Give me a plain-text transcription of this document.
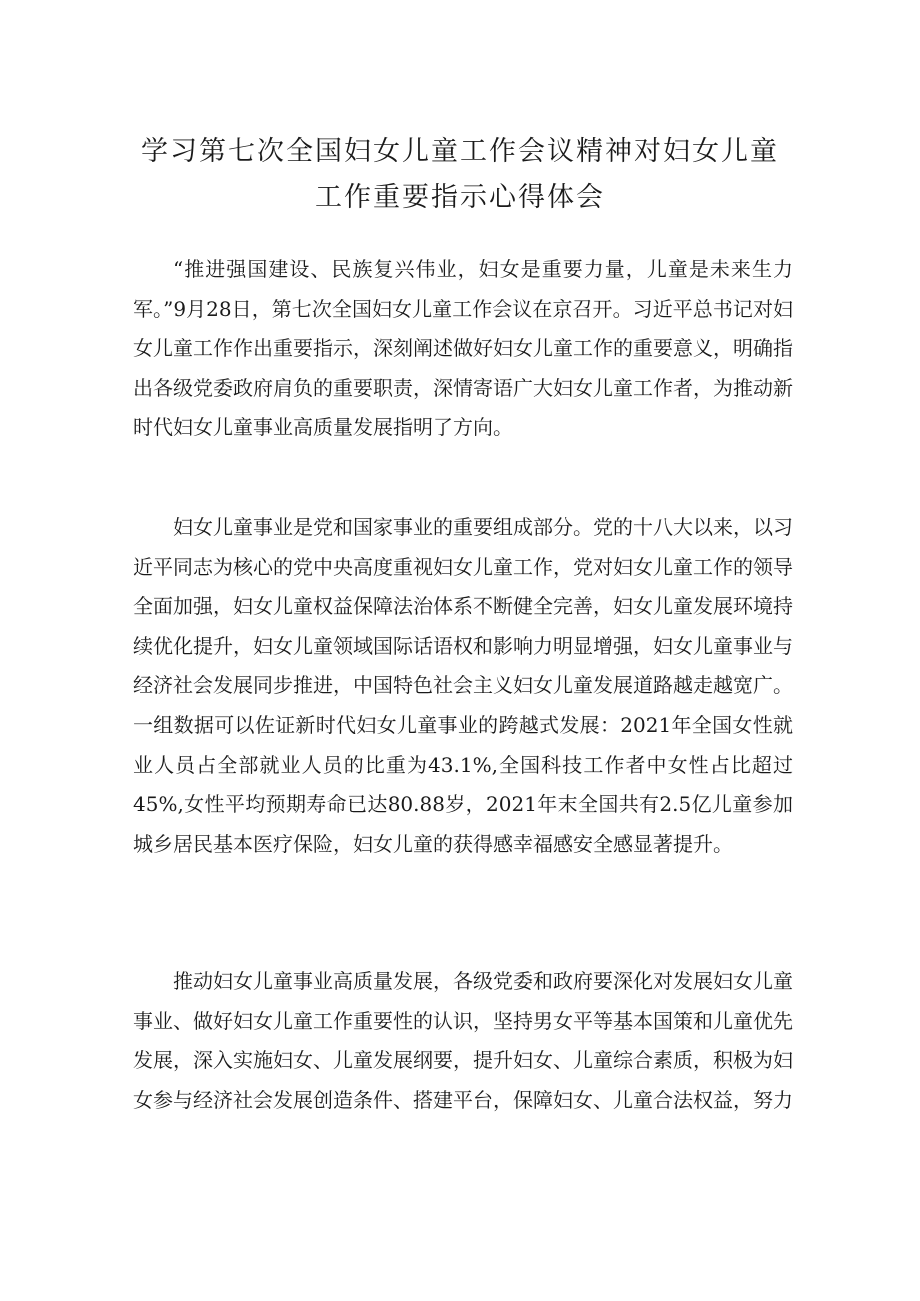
学习第七次全国妇女儿童工作会议精神对妇女儿童
工作重要指示心得体会

“推进强国建设、民族复兴伟业，妇女是重要力量，儿童是未来生力军。”9月28日，第七次全国妇女儿童工作会议在京召开。习近平总书记对妇女儿童工作作出重要指示，深刻阐述做好妇女儿童工作的重要意义，明确指出各级党委政府肩负的重要职责，深情寄语广大妇女儿童工作者，为推动新时代妇女儿童事业高质量发展指明了方向。

妇女儿童事业是党和国家事业的重要组成部分。党的十八大以来，以习近平同志为核心的党中央高度重视妇女儿童工作，党对妇女儿童工作的领导全面加强，妇女儿童权益保障法治体系不断健全完善，妇女儿童发展环境持续优化提升，妇女儿童领域国际话语权和影响力明显增强，妇女儿童事业与经济社会发展同步推进，中国特色社会主义妇女儿童发展道路越走越宽广。一组数据可以佐证新时代妇女儿童事业的跨越式发展：2021年全国女性就业人员占全部就业人员的比重为43.1%,全国科技工作者中女性占比超过45%,女性平均预期寿命已达80.88岁，2021年末全国共有2.5亿儿童参加城乡居民基本医疗保险，妇女儿童的获得感幸福感安全感显著提升。

推动妇女儿童事业高质量发展，各级党委和政府要深化对发展妇女儿童事业、做好妇女儿童工作重要性的认识，坚持男女平等基本国策和儿童优先发展，深入实施妇女、儿童发展纲要，提升妇女、儿童综合素质，积极为妇女参与经济社会发展创造条件、搭建平台，保障妇女、儿童合法权益，努力
